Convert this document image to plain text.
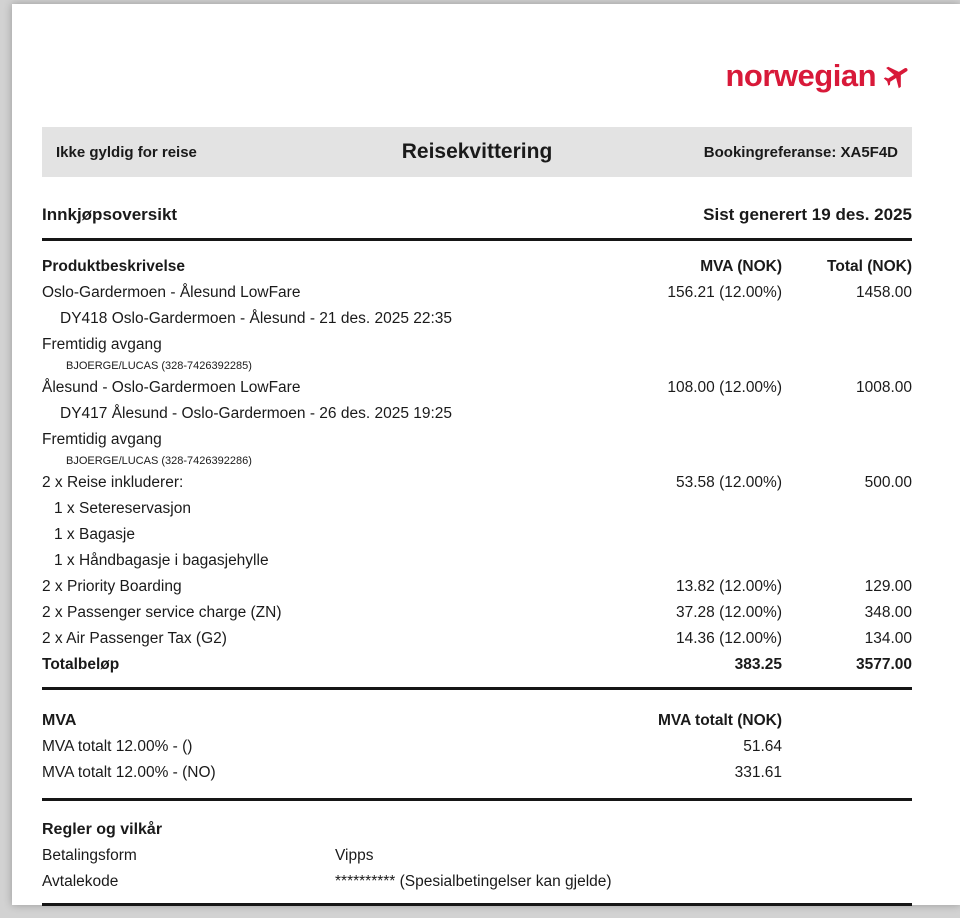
norwegian
Ikke gyldig for reise	Reisekvittering	Bookingreferanse: XA5F4D
Innkjøpsoversikt	Sist generert 19 des. 2025
Produktbeskrivelse	MVA (NOK)	Total (NOK)
Oslo-Gardermoen - Ålesund LowFare	156.21 (12.00%)	1458.00
DY418 Oslo-Gardermoen - Ålesund - 21 des. 2025 22:35
Fremtidig avgang
BJOERGE/LUCAS (328-7426392285)
Ålesund - Oslo-Gardermoen LowFare	108.00 (12.00%)	1008.00
DY417 Ålesund - Oslo-Gardermoen - 26 des. 2025 19:25
Fremtidig avgang
BJOERGE/LUCAS (328-7426392286)
2 x Reise inkluderer:	53.58 (12.00%)	500.00
1 x Setereservasjon
1 x Bagasje
1 x Håndbagasje i bagasjehylle
2 x Priority Boarding	13.82 (12.00%)	129.00
2 x Passenger service charge (ZN)	37.28 (12.00%)	348.00
2 x Air Passenger Tax (G2)	14.36 (12.00%)	134.00
Totalbeløp	383.25	3577.00
MVA	MVA totalt (NOK)
MVA totalt 12.00% - ()	51.64
MVA totalt 12.00% - (NO)	331.61
Regler og vilkår
Betalingsform	Vipps
Avtalekode	********** (Spesialbetingelser kan gjelde)
